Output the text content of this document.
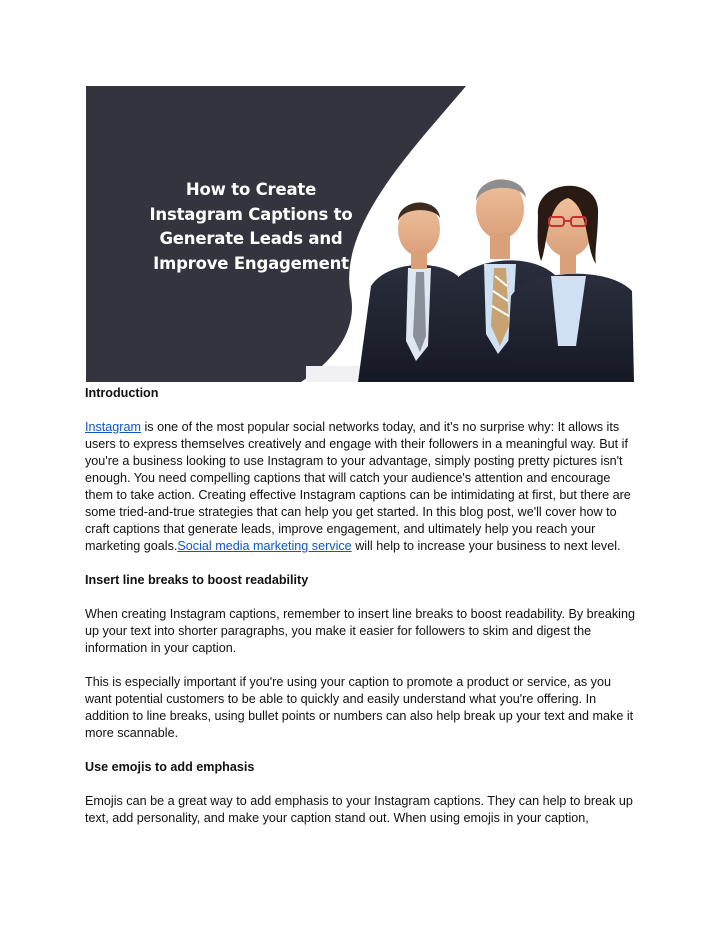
How to Create
Instagram Captions to
Generate Leads and
Improve Engagement
Introduction

Instagram is one of the most popular social networks today, and it's no surprise why: It allows its users to express themselves creatively and engage with their followers in a meaningful way. But if you're a business looking to use Instagram to your advantage, simply posting pretty pictures isn't enough. You need compelling captions that will catch your audience's attention and encourage them to take action. Creating effective Instagram captions can be intimidating at first, but there are some tried-and-true strategies that can help you get started. In this blog post, we'll cover how to craft captions that generate leads, improve engagement, and ultimately help you reach your marketing goals.Social media marketing service will help to increase your business to next level.

Insert line breaks to boost readability

When creating Instagram captions, remember to insert line breaks to boost readability. By breaking up your text into shorter paragraphs, you make it easier for followers to skim and digest the information in your caption.

This is especially important if you're using your caption to promote a product or service, as you want potential customers to be able to quickly and easily understand what you're offering. In addition to line breaks, using bullet points or numbers can also help break up your text and make it more scannable.

Use emojis to add emphasis

Emojis can be a great way to add emphasis to your Instagram captions. They can help to break up text, add personality, and make your caption stand out. When using emojis in your caption,
